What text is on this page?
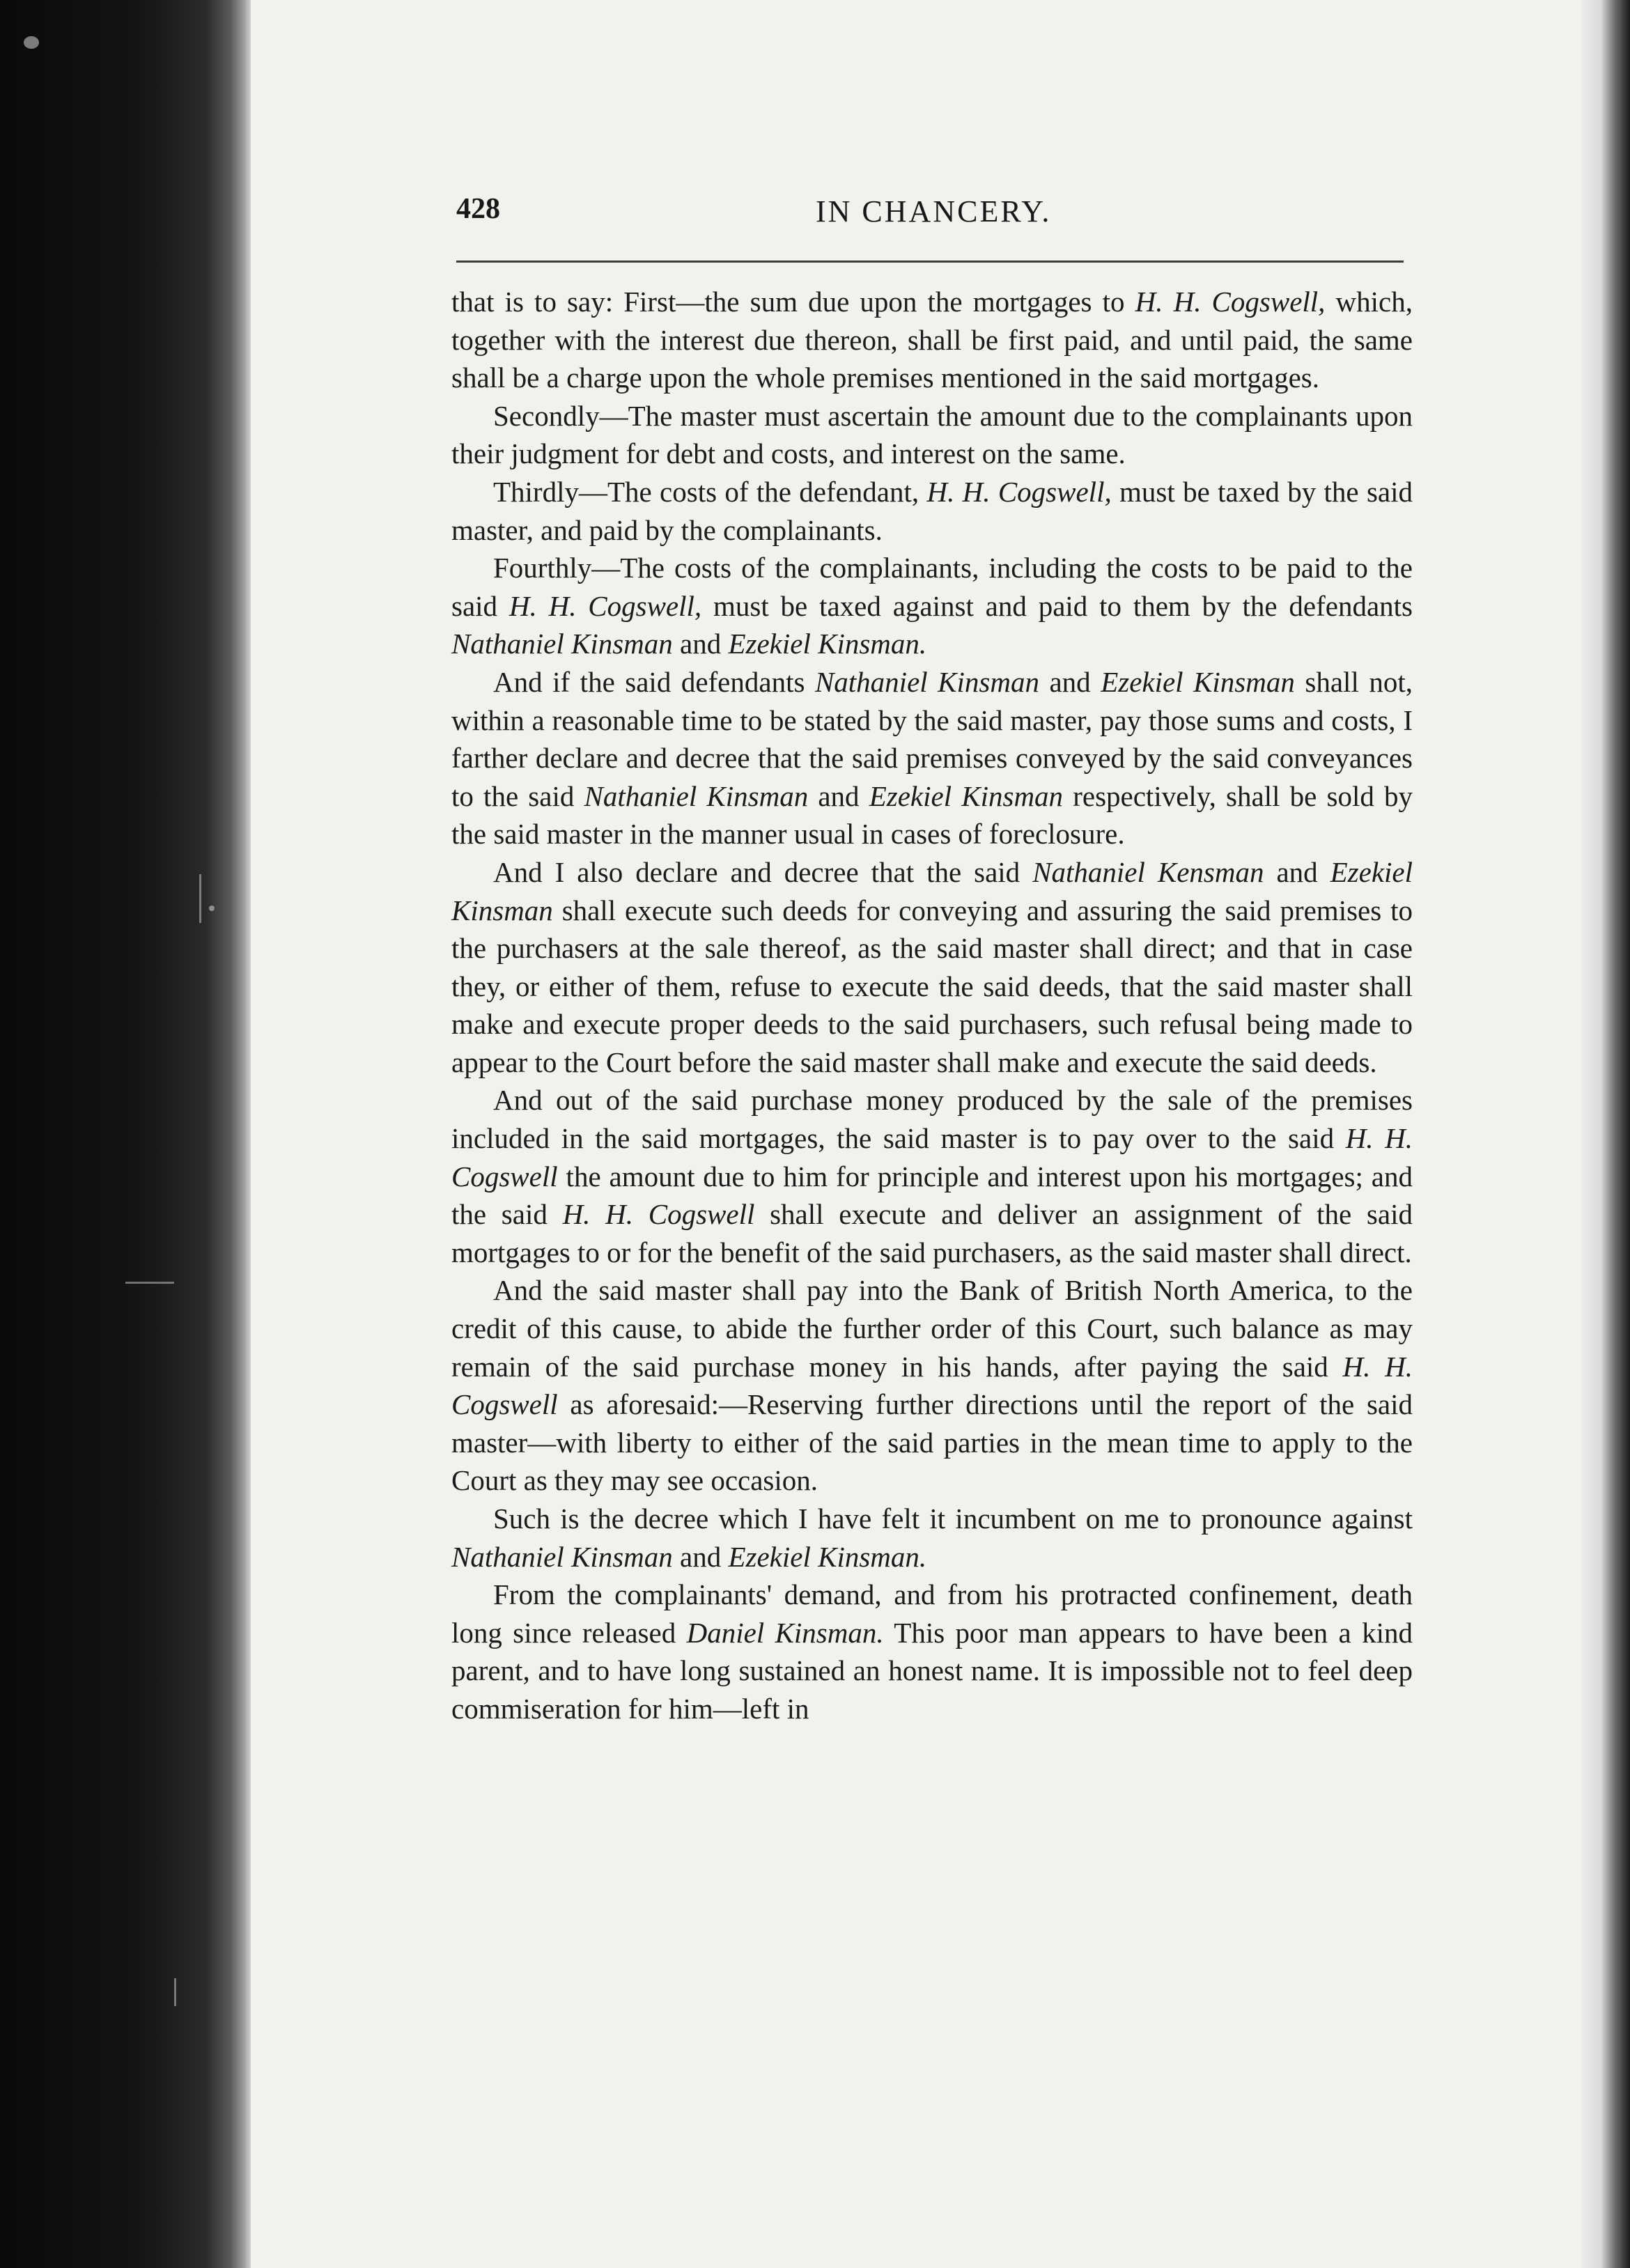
428	IN CHANCERY.

that is to say: First—the sum due upon the mortgages to H. H. Cogswell, which, together with the interest due thereon, shall be first paid, and until paid, the same shall be a charge upon the whole premises mentioned in the said mortgages.

Secondly—The master must ascertain the amount due to the complainants upon their judgment for debt and costs, and interest on the same.

Thirdly—The costs of the defendant, H. H. Cogswell, must be taxed by the said master, and paid by the complainants.

Fourthly—The costs of the complainants, including the costs to be paid to the said H. H. Cogswell, must be taxed against and paid to them by the defendants Nathaniel Kinsman and Ezekiel Kinsman.

And if the said defendants Nathaniel Kinsman and Ezekiel Kinsman shall not, within a reasonable time to be stated by the said master, pay those sums and costs, I farther declare and decree that the said premises conveyed by the said conveyances to the said Nathaniel Kinsman and Ezekiel Kinsman respectively, shall be sold by the said master in the manner usual in cases of foreclosure.

And I also declare and decree that the said Nathaniel Kensman and Ezekiel Kinsman shall execute such deeds for conveying and assuring the said premises to the purchasers at the sale thereof, as the said master shall direct; and that in case they, or either of them, refuse to execute the said deeds, that the said master shall make and execute proper deeds to the said purchasers, such refusal being made to appear to the Court before the said master shall make and execute the said deeds.

And out of the said purchase money produced by the sale of the premises included in the said mortgages, the said master is to pay over to the said H. H. Cogswell the amount due to him for principle and interest upon his mortgages; and the said H. H. Cogswell shall execute and deliver an assignment of the said mortgages to or for the benefit of the said purchasers, as the said master shall direct.

And the said master shall pay into the Bank of British North America, to the credit of this cause, to abide the further order of this Court, such balance as may remain of the said purchase money in his hands, after paying the said H. H. Cogswell as aforesaid:—Reserving further directions until the report of the said master—with liberty to either of the said parties in the mean time to apply to the Court as they may see occasion.

Such is the decree which I have felt it incumbent on me to pronounce against Nathaniel Kinsman and Ezekiel Kinsman.

From the complainants' demand, and from his protracted confinement, death long since released Daniel Kinsman. This poor man appears to have been a kind parent, and to have long sustained an honest name. It is impossible not to feel deep commiseration for him—left in
